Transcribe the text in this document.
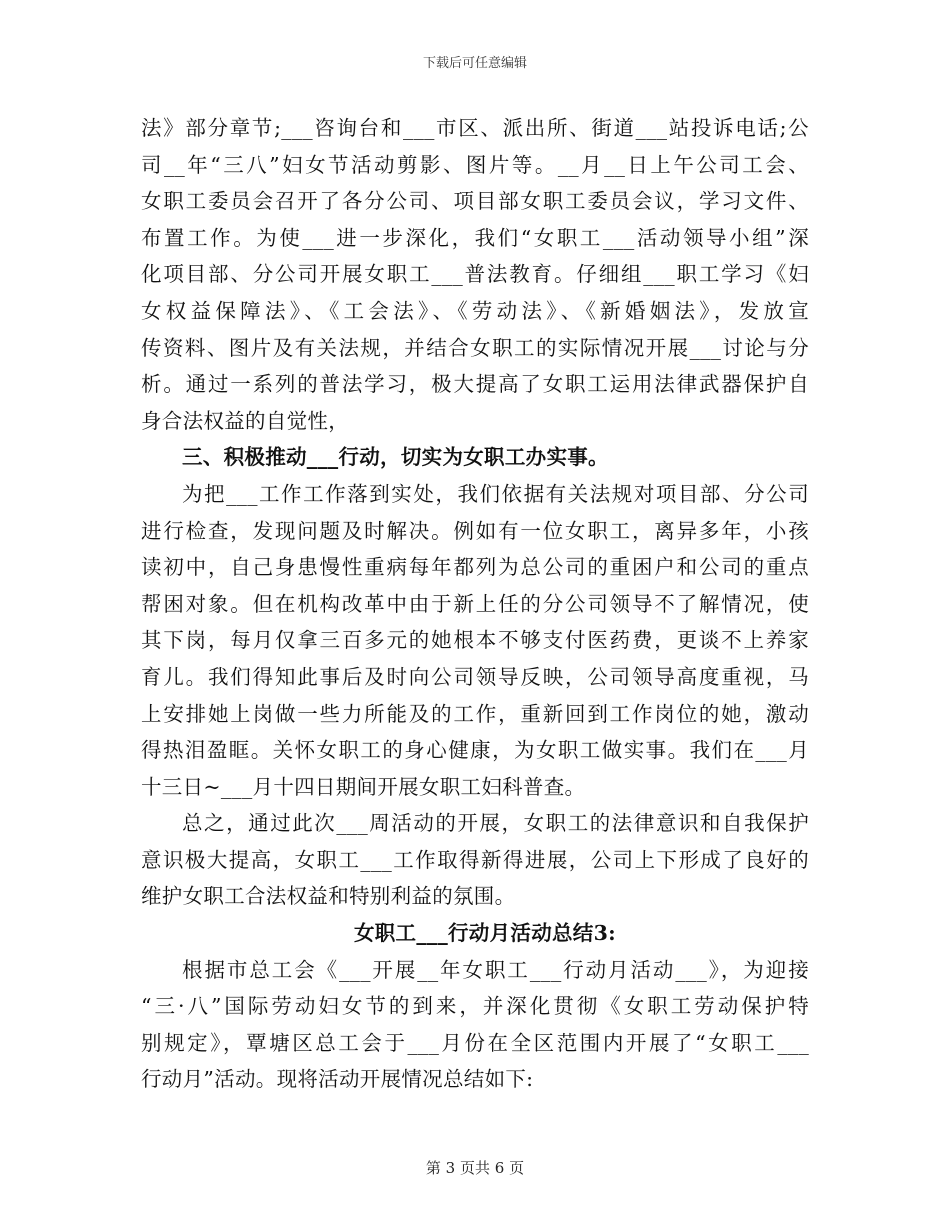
下载后可任意编辑
法》部分章节;___咨询台和___市区、派出所、街道___站投诉电话;公
司__年“三八”妇女节活动剪影、图片等。__月__日上午公司工会、
女职工委员会召开了各分公司、项目部女职工委员会议，学习文件、
布置工作。为使___进一步深化，我们“女职工___活动领导小组”深
化项目部、分公司开展女职工___普法教育。仔细组___职工学习《妇
女权益保障法》、《工会法》、《劳动法》、《新婚姻法》，发放宣
传资料、图片及有关法规，并结合女职工的实际情况开展___讨论与分
析。通过一系列的普法学习，极大提高了女职工运用法律武器保护自
身合法权益的自觉性，
三、积极推动___行动，切实为女职工办实事。
为把___工作工作落到实处，我们依据有关法规对项目部、分公司
进行检查，发现问题及时解决。例如有一位女职工，离异多年，小孩
读初中，自己身患慢性重病每年都列为总公司的重困户和公司的重点
帮困对象。但在机构改革中由于新上任的分公司领导不了解情况，使
其下岗，每月仅拿三百多元的她根本不够支付医药费，更谈不上养家
育儿。我们得知此事后及时向公司领导反映，公司领导高度重视，马
上安排她上岗做一些力所能及的工作，重新回到工作岗位的她，激动
得热泪盈眶。关怀女职工的身心健康，为女职工做实事。我们在___月
十三日~___月十四日期间开展女职工妇科普查。
总之，通过此次___周活动的开展，女职工的法律意识和自我保护
意识极大提高，女职工___工作取得新得进展，公司上下形成了良好的
维护女职工合法权益和特别利益的氛围。
女职工___行动月活动总结3:
根据市总工会《___开展__年女职工___行动月活动___》，为迎接
“三·八”国际劳动妇女节的到来，并深化贯彻《女职工劳动保护特
别规定》，覃塘区总工会于___月份在全区范围内开展了“女职工___
行动月”活动。现将活动开展情况总结如下:
第 3 页共 6 页
